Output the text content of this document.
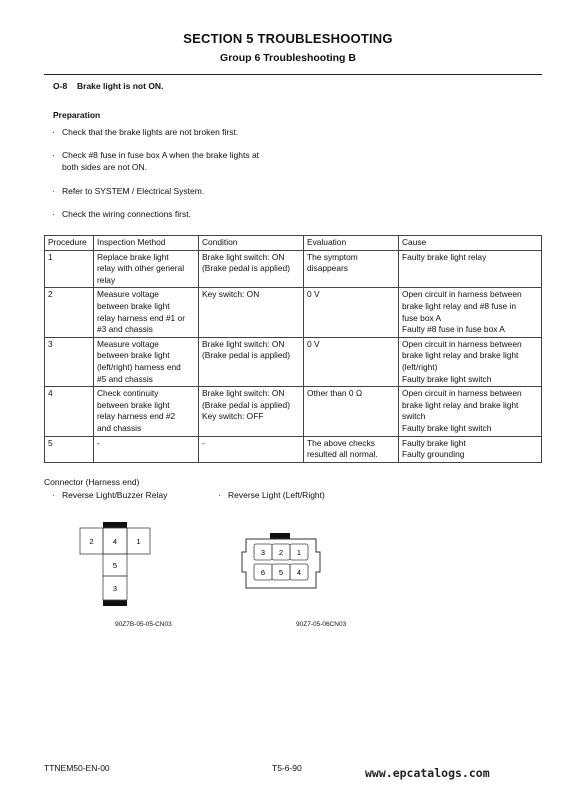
SECTION 5 TROUBLESHOOTING
Group 6 Troubleshooting B
O-8 Brake light is not ON.
Preparation
· Check that the brake lights are not broken first.
· Check #8 fuse in fuse box A when the brake lights at
both sides are not ON.
· Refer to SYSTEM / Electrical System.
· Check the wiring connections first.
Procedure	Inspection Method	Condition	Evaluation	Cause
1	Replace brake light
relay with other general
relay	Brake light switch: ON
(Brake pedal is applied)	The symptom
disappears	Faulty brake light relay
2	Measure voltage
between brake light
relay harness end #1 or
#3 and chassis	Key switch: ON	0 V	Open circuit in harness between
brake light relay and #8 fuse in
fuse box A
Faulty #8 fuse in fuse box A
3	Measure voltage
between brake light
(left/right) harness end
#5 and chassis	Brake light switch: ON
(Brake pedal is applied)	0 V	Open circuit in harness between
brake light relay and brake light
(left/right)
Faulty brake light switch
4	Check continuity
between brake light
relay harness end #2
and chassis	Brake light switch: ON
(Brake pedal is applied)
Key switch: OFF	Other than 0 Ω	Open circuit in harness between
brake light relay and brake light
switch
Faulty brake light switch
5	-	-	The above checks
resulted all normal.	Faulty brake light
Faulty grounding
Connector (Harness end)
· Reverse Light/Buzzer Relay	· Reverse Light (Left/Right)
2	4	1
5
3
90Z7B-05-05-CN03
3 2 1
6 5 4
90Z7-05-06CN03
TTNEM50-EN-00	T5-6-90	www.epcatalogs.com
